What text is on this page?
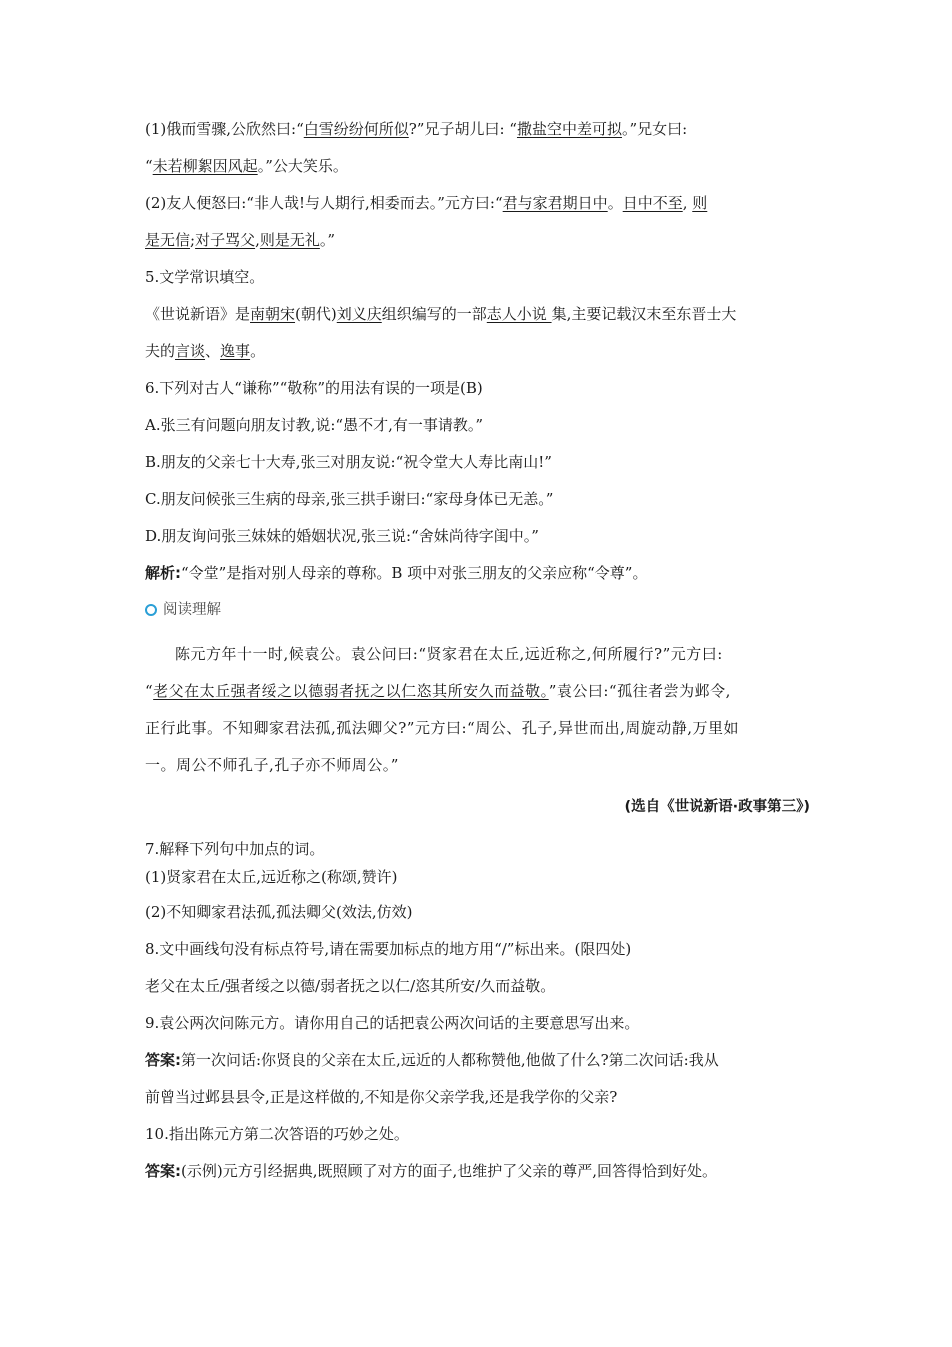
(1)俄而雪骤,公欣然曰:“白雪纷纷何所似?”兄子胡儿曰: “撒盐空中差可拟。”兄女曰:

“未若柳絮因风起。”公大笑乐。

(2)友人便怒曰:“非人哉!与人期行,相委而去。”元方曰:“君与家君期日中。日中不至, 则

是无信;对子骂父,则是无礼。”

5.文学常识填空。

《世说新语》是南朝宋(朝代)刘义庆组织编写的一部志人小说 集,主要记载汉末至东晋士大

夫的言谈、逸事。

6.下列对古人“谦称”“敬称”的用法有误的一项是(B)

A.张三有问题向朋友讨教,说:“愚不才,有一事请教。”

B.朋友的父亲七十大寿,张三对朋友说:“祝令堂大人寿比南山!”

C.朋友问候张三生病的母亲,张三拱手谢曰:“家母身体已无恙。”

D.朋友询问张三妹妹的婚姻状况,张三说:“舍妹尚待字闺中。”

解析:“令堂”是指对别人母亲的尊称。B 项中对张三朋友的父亲应称“令尊”。

阅读理解

陈元方年十一时,候袁公。袁公问曰:“贤家君在太丘,远近称之,何所履行?”元方曰:

“老父在太丘强者绥之以德弱者抚之以仁恣其所安久而益敬。”袁公曰:“孤往者尝为邺令,

正行此事。不知卿家君法孤,孤法卿父?”元方曰:“周公、孔子,异世而出,周旋动静,万里如

一。周公不师孔子,孔子亦不师周公。”

(选自《世说新语·政事第三》)

7.解释下列句中加点的词。

(1)贤家君在太丘,远近称之(称颂,赞许)

(2)不知卿家君法孤,孤法卿父(效法,仿效)

8.文中画线句没有标点符号,请在需要加标点的地方用“/”标出来。(限四处)

老父在太丘/强者绥之以德/弱者抚之以仁/恣其所安/久而益敬。

9.袁公两次问陈元方。请你用自己的话把袁公两次问话的主要意思写出来。

答案:第一次问话:你贤良的父亲在太丘,远近的人都称赞他,他做了什么?第二次问话:我从

前曾当过邺县县令,正是这样做的,不知是你父亲学我,还是我学你的父亲?

10.指出陈元方第二次答语的巧妙之处。

答案:(示例)元方引经据典,既照顾了对方的面子,也维护了父亲的尊严,回答得恰到好处。
